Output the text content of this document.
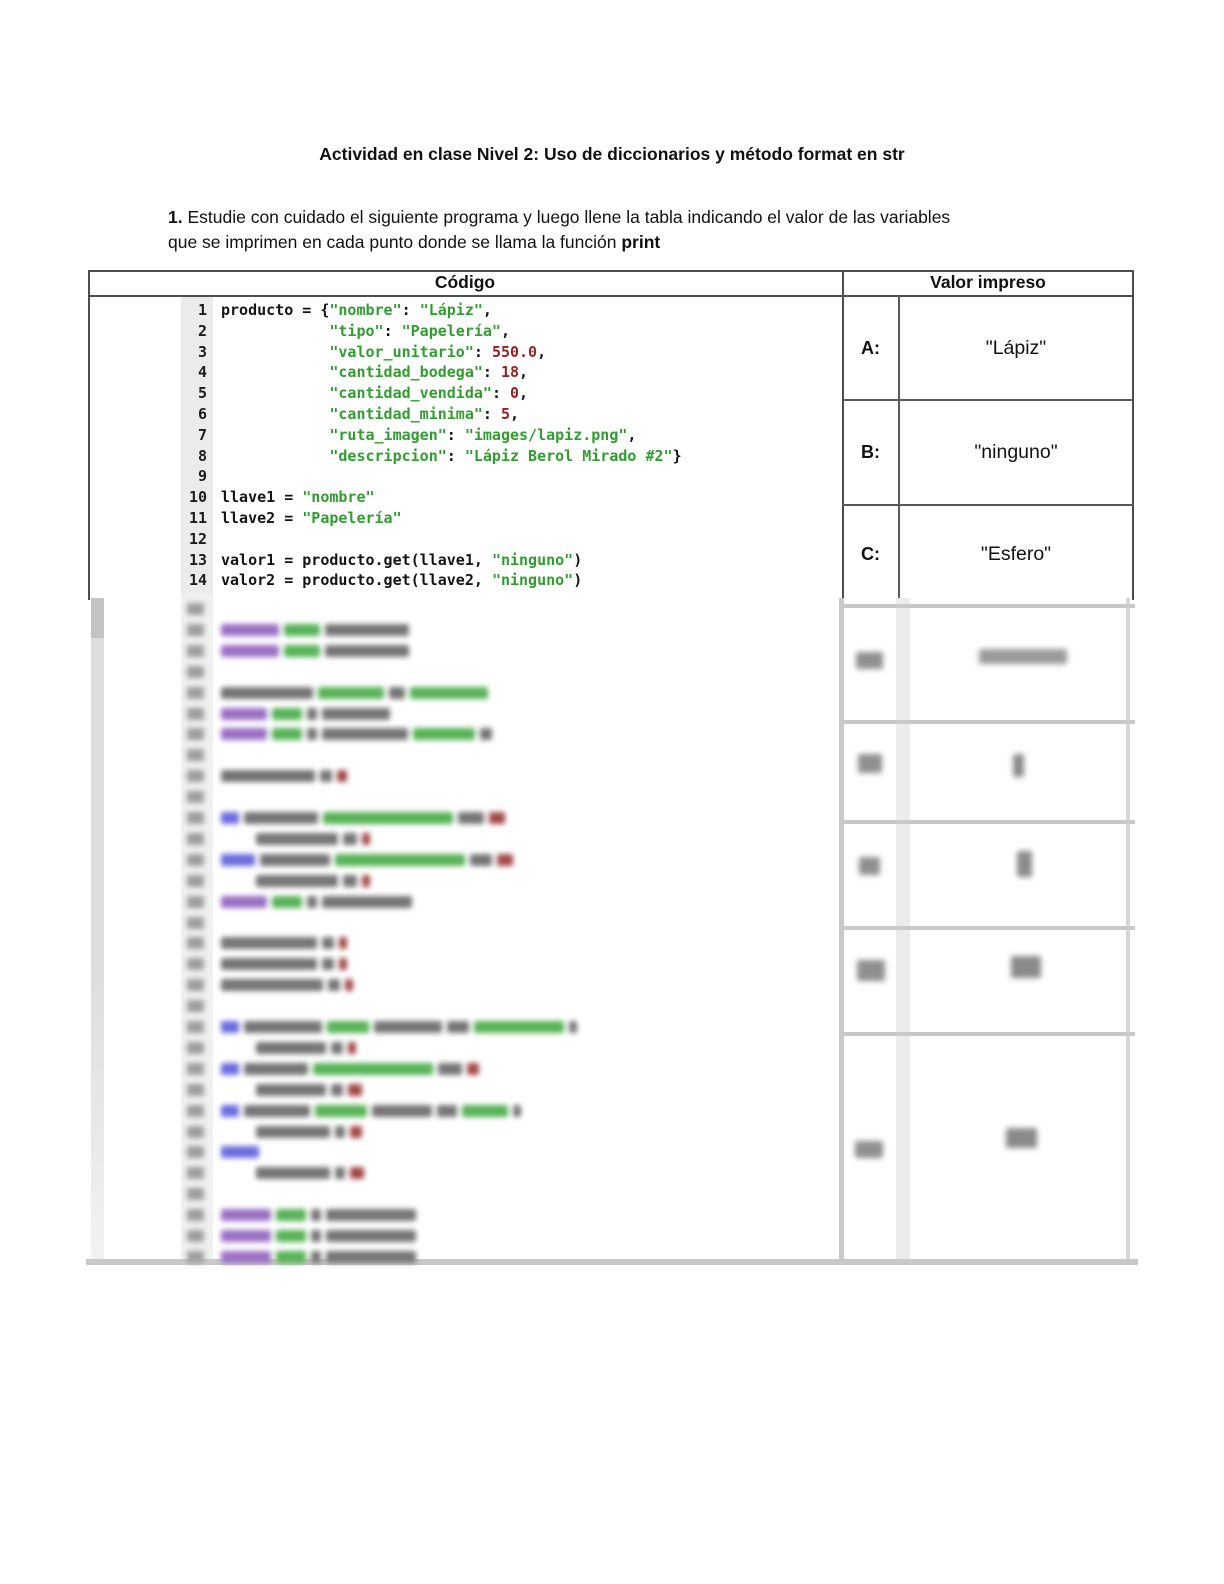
Actividad en clase Nivel 2: Uso de diccionarios y método format en str

1. Estudie con cuidado el siguiente programa y luego llene la tabla indicando el valor de las variables
que se imprimen en cada punto donde se llama la función print

Código	Valor impreso
1 producto = {"nombre": "Lápiz",
2	"tipo": "Papelería",
3	"valor_unitario": 550.0,
4	"cantidad_bodega": 18,
5	"cantidad_vendida": 0,
6	"cantidad_minima": 5,
7	"ruta_imagen": "images/lapiz.png",
8	"descripcion": "Lápiz Berol Mirado #2"}
9
10 llave1 = "nombre"
11 llave2 = "Papelería"
12
13 valor1 = producto.get(llave1, "ninguno")
14 valor2 = producto.get(llave2, "ninguno")
A:	"Lápiz"
B:	"ninguno"
C:	"Esfero"
